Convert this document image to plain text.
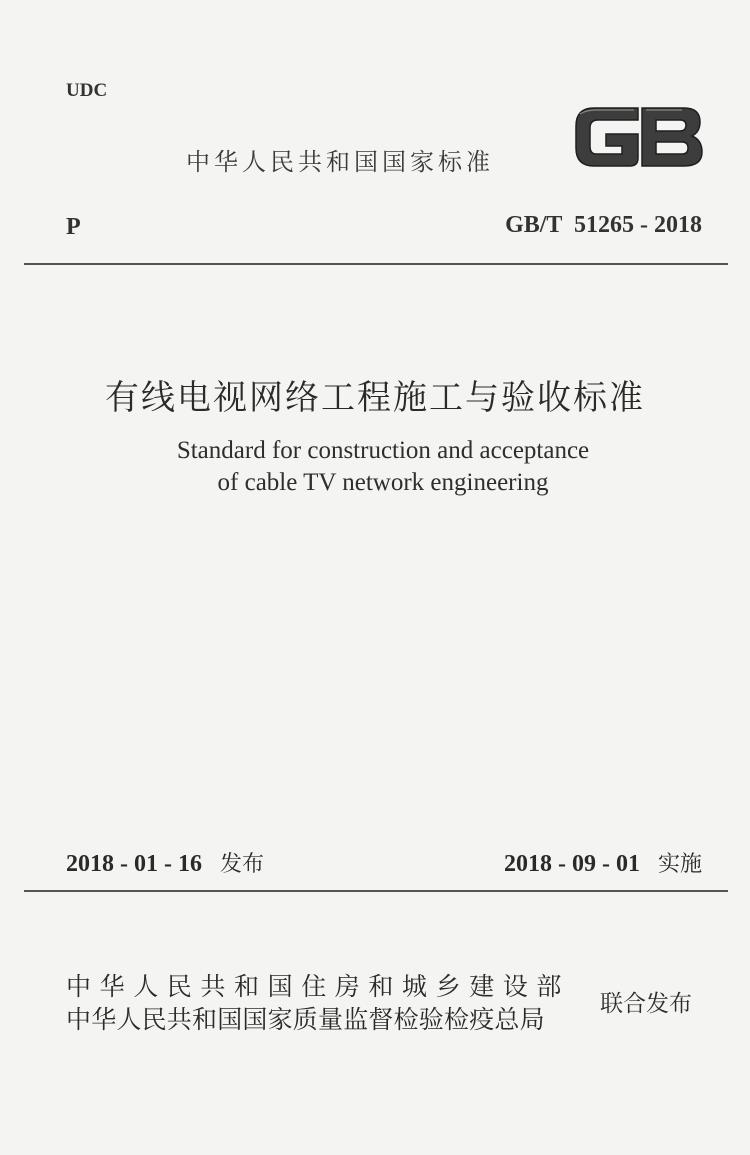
UDC
中华人民共和国国家标准
P	GB/T  51265 - 2018
有线电视网络工程施工与验收标准
Standard for construction and acceptance
of cable TV network engineering
2018 - 01 - 16 发布	2018 - 09 - 01 实施
中华人民共和国住房和城乡建设部
中华人民共和国国家质量监督检验检疫总局
联合发布
